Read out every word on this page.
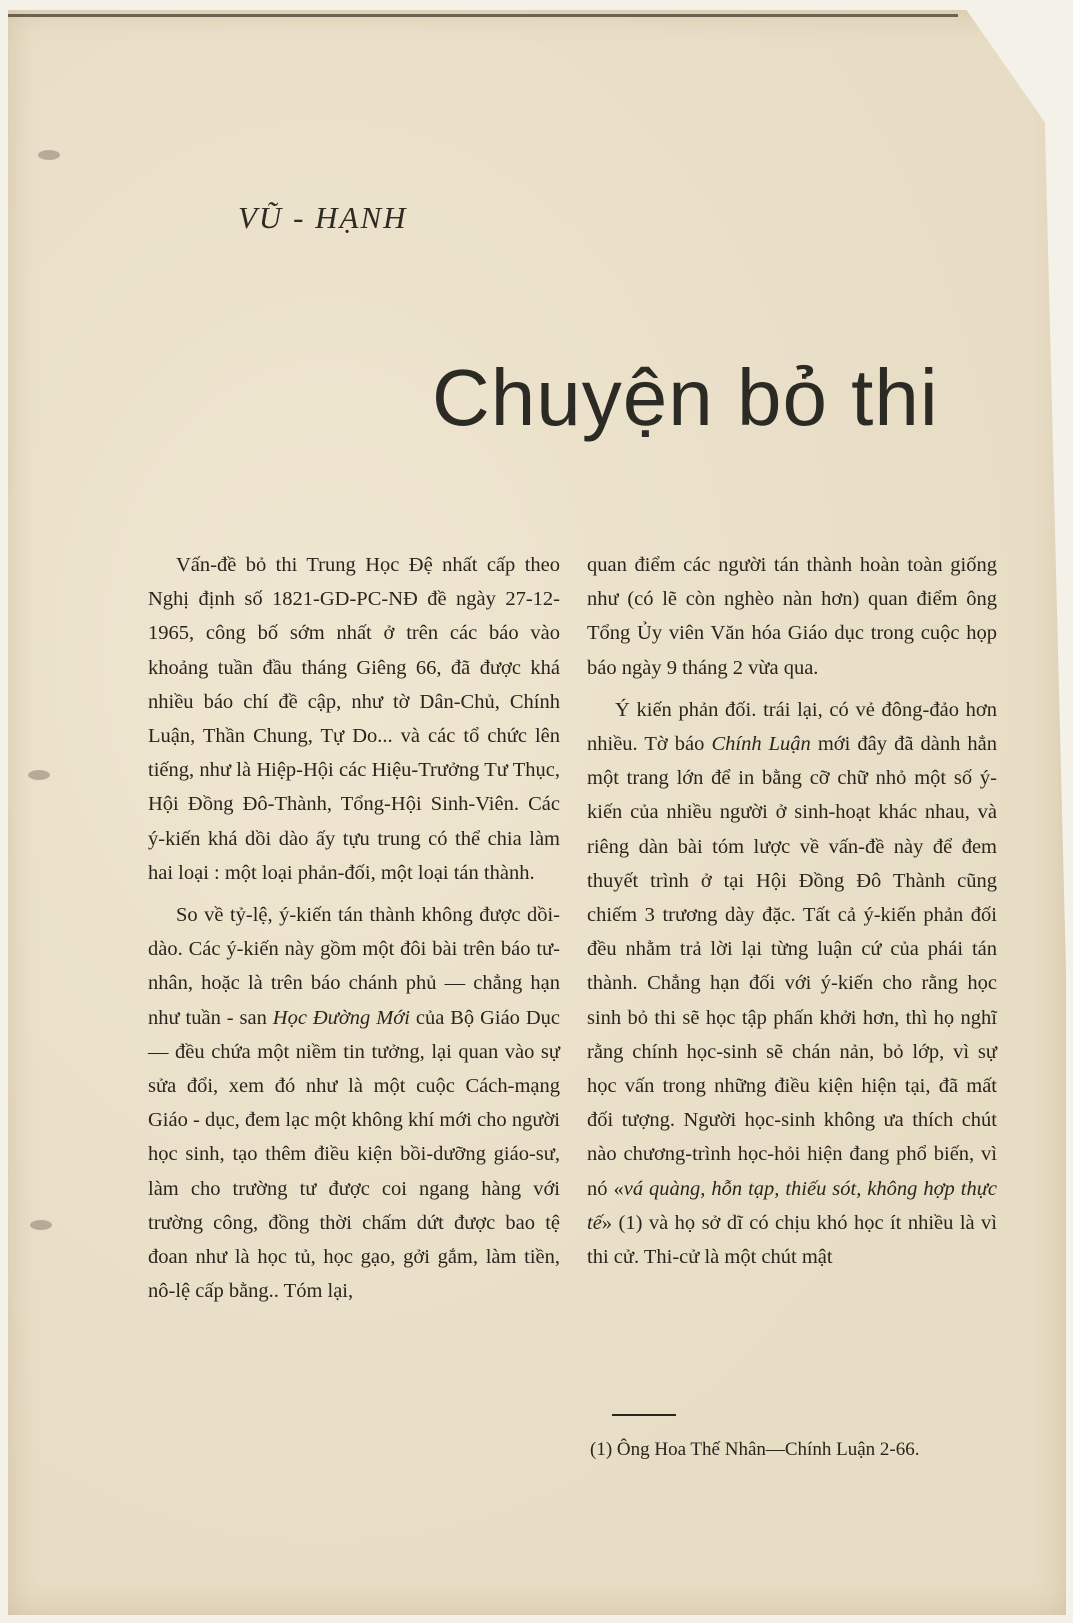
VŨ - HẠNH
Chuyện bỏ thi

Vấn-đề bỏ thi Trung Học Đệ nhất cấp theo Nghị định số 1821-GD-PC-NĐ đề ngày 27-12-1965, công bố sớm nhất ở trên các báo vào khoảng tuần đầu tháng Giêng 66, đã được khá nhiều báo chí đề cập, như tờ Dân-Chủ, Chính Luận, Thần Chung, Tự Do... và các tổ chức lên tiếng, như là Hiệp-Hội các Hiệu-Trưởng Tư Thục, Hội Đồng Đô-Thành, Tổng-Hội Sinh-Viên. Các ý-kiến khá dồi dào ấy tựu trung có thể chia làm hai loại : một loại phản-đối, một loại tán thành.

So về tỷ-lệ, ý-kiến tán thành không được dồi-dào. Các ý-kiến này gồm một đôi bài trên báo tư-nhân, hoặc là trên báo chánh phủ — chẳng hạn như tuần - san Học Đường Mới của Bộ Giáo Dục — đều chứa một niềm tin tưởng, lại quan vào sự sửa đổi, xem đó như là một cuộc Cách-mạng Giáo - dục, đem lạc một không khí mới cho người học sinh, tạo thêm điều kiện bồi-dưỡng giáo-sư, làm cho trường tư được coi ngang hàng với trường công, đồng thời chấm dứt được bao tệ đoan như là học tủ, học gạo, gởi gắm, làm tiền, nô-lệ cấp bằng.. Tóm lại,

quan điểm các người tán thành hoàn toàn giống như (có lẽ còn nghèo nàn hơn) quan điểm ông Tổng Ủy viên Văn hóa Giáo dục trong cuộc họp báo ngày 9 tháng 2 vừa qua.

Ý kiến phản đối. trái lại, có vẻ đông-đảo hơn nhiều. Tờ báo Chính Luận mới đây đã dành hẳn một trang lớn để in bằng cỡ chữ nhỏ một số ý-kiến của nhiều người ở sinh-hoạt khác nhau, và riêng dàn bài tóm lược về vấn-đề này để đem thuyết trình ở tại Hội Đồng Đô Thành cũng chiếm 3 trương dày đặc. Tất cả ý-kiến phản đối đều nhằm trả lời lại từng luận cứ của phái tán thành. Chẳng hạn đối với ý-kiến cho rằng học sinh bỏ thi sẽ học tập phấn khởi hơn, thì họ nghĩ rằng chính học-sinh sẽ chán nản, bỏ lớp, vì sự học vấn trong những điều kiện hiện tại, đã mất đối tượng. Người học-sinh không ưa thích chút nào chương-trình học-hỏi hiện đang phổ biến, vì nó «vá quàng, hỗn tạp, thiếu sót, không hợp thực tế» (1) và họ sở dĩ có chịu khó học ít nhiều là vì thi cử. Thi-cử là một chút mật

(1) Ông Hoa Thế Nhân—Chính Luận 2-66.
